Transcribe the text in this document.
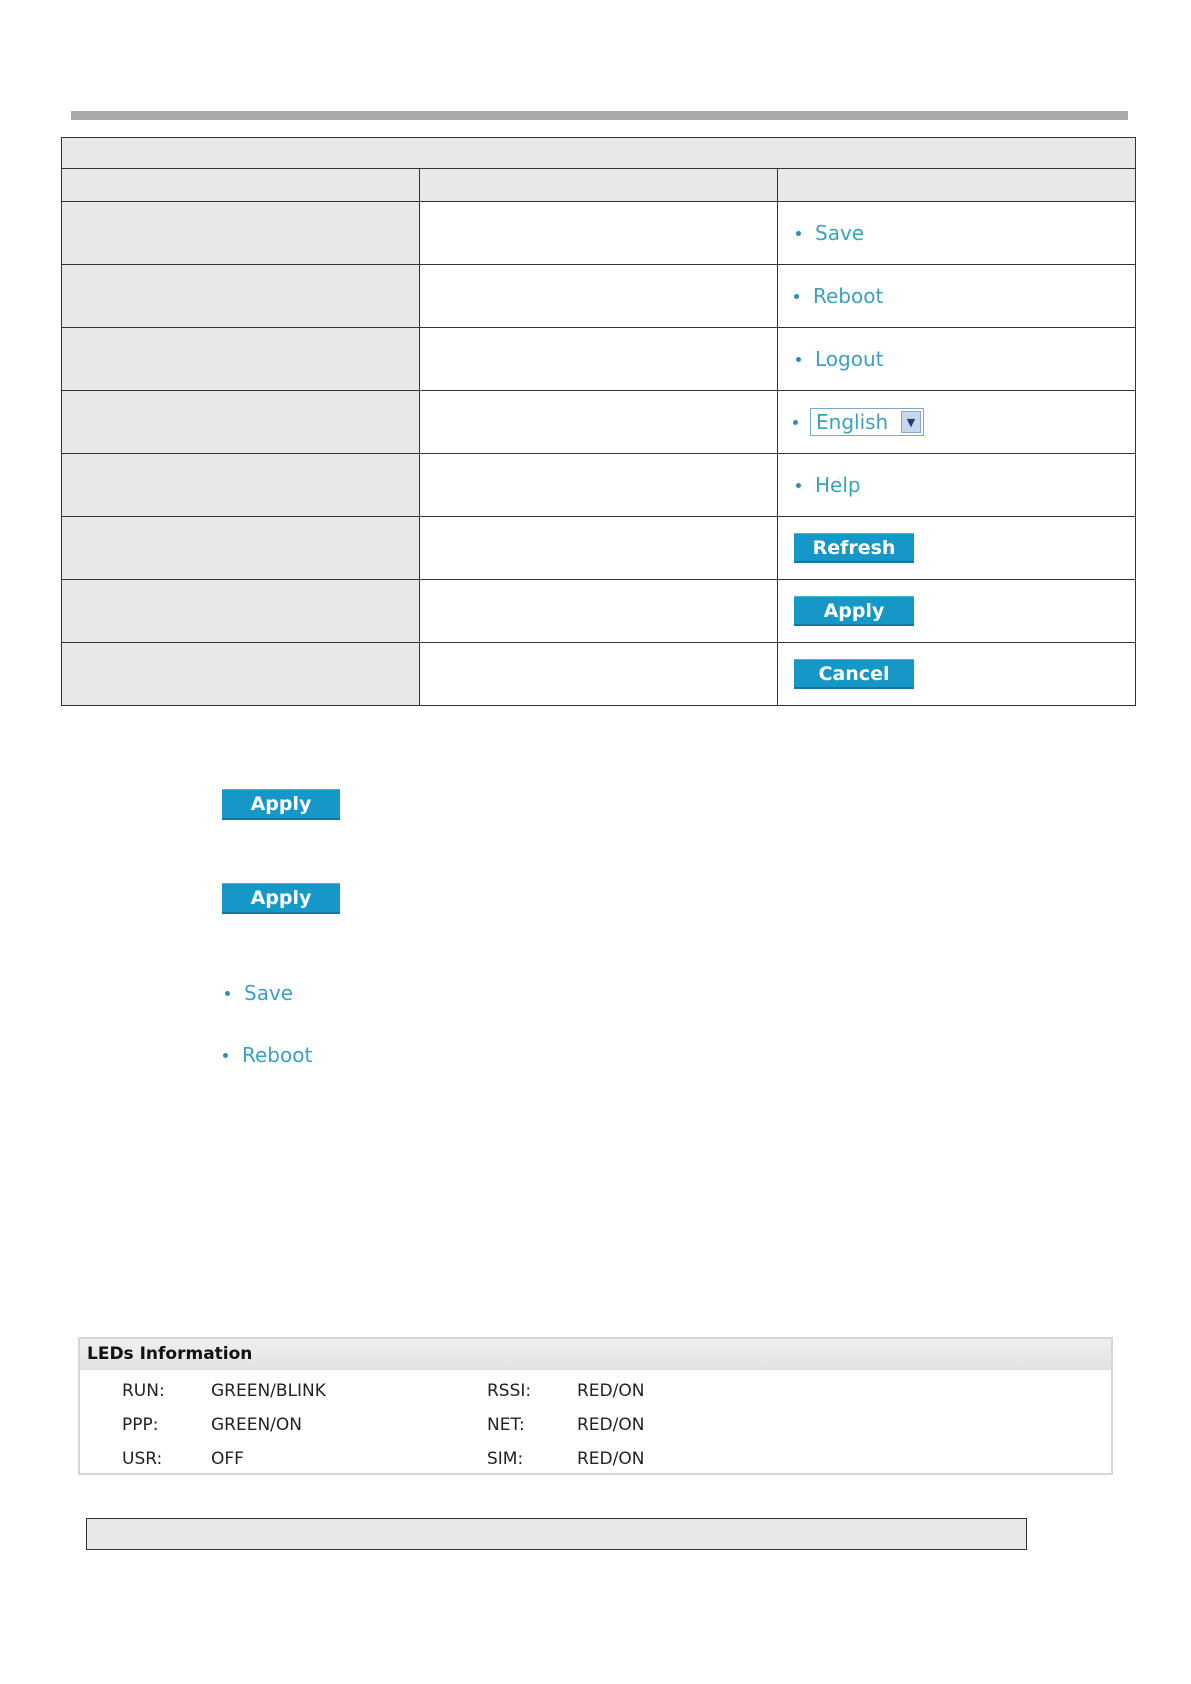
		Save

		Reboot

		Logout

		English ▼

		Help

		Refresh
		Apply
		Cancel
Apply
Apply
Save
Reboot
LEDs Information
RUN:	GREEN/BLINK	RSSI:	RED/ON
PPP:	GREEN/ON	NET:	RED/ON
USR:	OFF	SIM:	RED/ON
